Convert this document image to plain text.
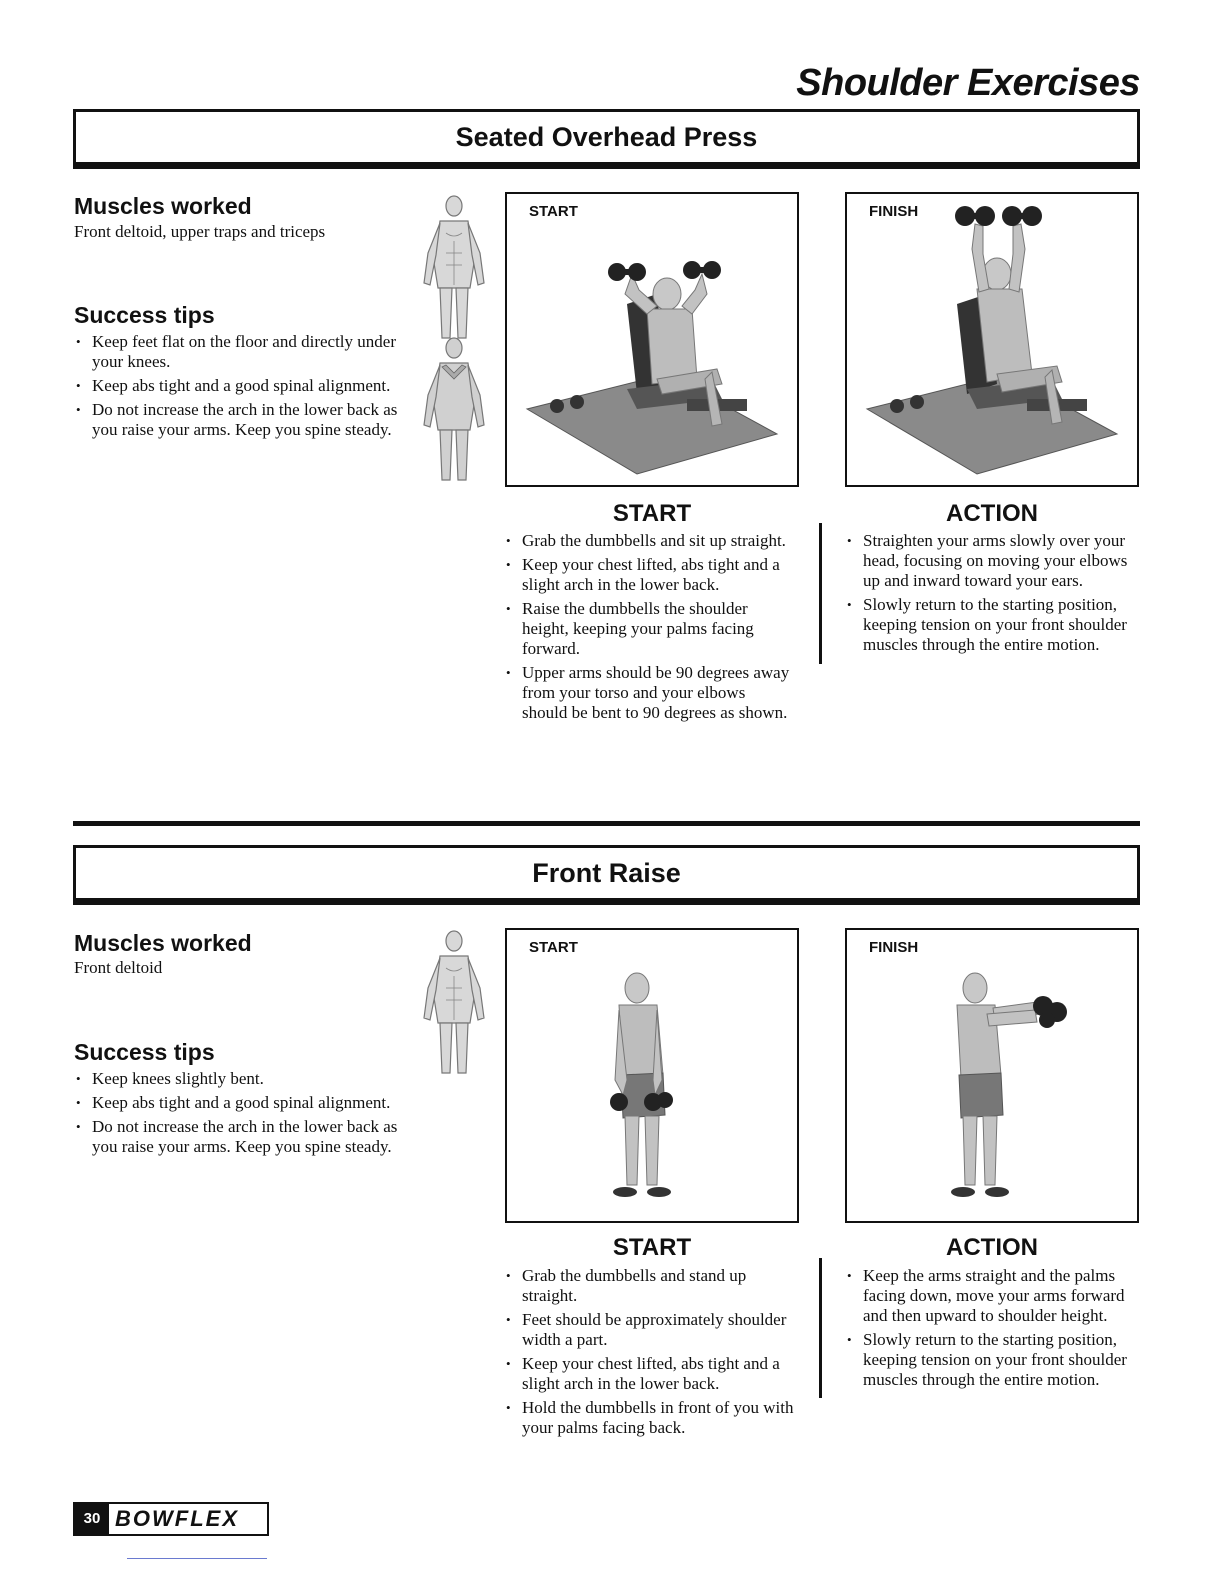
Shoulder Exercises
Seated Overhead Press
Muscles worked
Front deltoid, upper traps and triceps
Success tips
• Keep feet flat on the floor and directly under your knees.
• Keep abs tight and a good spinal alignment.
• Do not increase the arch in the lower back as you raise your arms. Keep you spine steady.
START	FINISH
START	ACTION
• Grab the dumbbells and sit up straight.
• Keep your chest lifted, abs tight and a slight arch in the lower back.
• Raise the dumbbells the shoulder height, keeping your palms facing forward.
• Upper arms should be 90 degrees away from your torso and your elbows should be bent to 90 degrees as shown.
• Straighten your arms slowly over your head, focusing on moving your elbows up and inward toward your ears.
• Slowly return to the starting position, keeping tension on your front shoulder muscles through the entire motion.
Front Raise
Muscles worked
Front deltoid
Success tips
• Keep knees slightly bent.
• Keep abs tight and a good spinal alignment.
• Do not increase the arch in the lower back as you raise your arms. Keep you spine steady.
START	FINISH
START	ACTION
• Grab the dumbbells and stand up straight.
• Feet should be approximately shoulder width a part.
• Keep your chest lifted, abs tight and a slight arch in the lower back.
• Hold the dumbbells in front of you with your palms facing back.
• Keep the arms straight and the palms facing down, move your arms forward and then upward to shoulder height.
• Slowly return to the starting position, keeping tension on your front shoulder muscles through the entire motion.
30 BOWFLEX
